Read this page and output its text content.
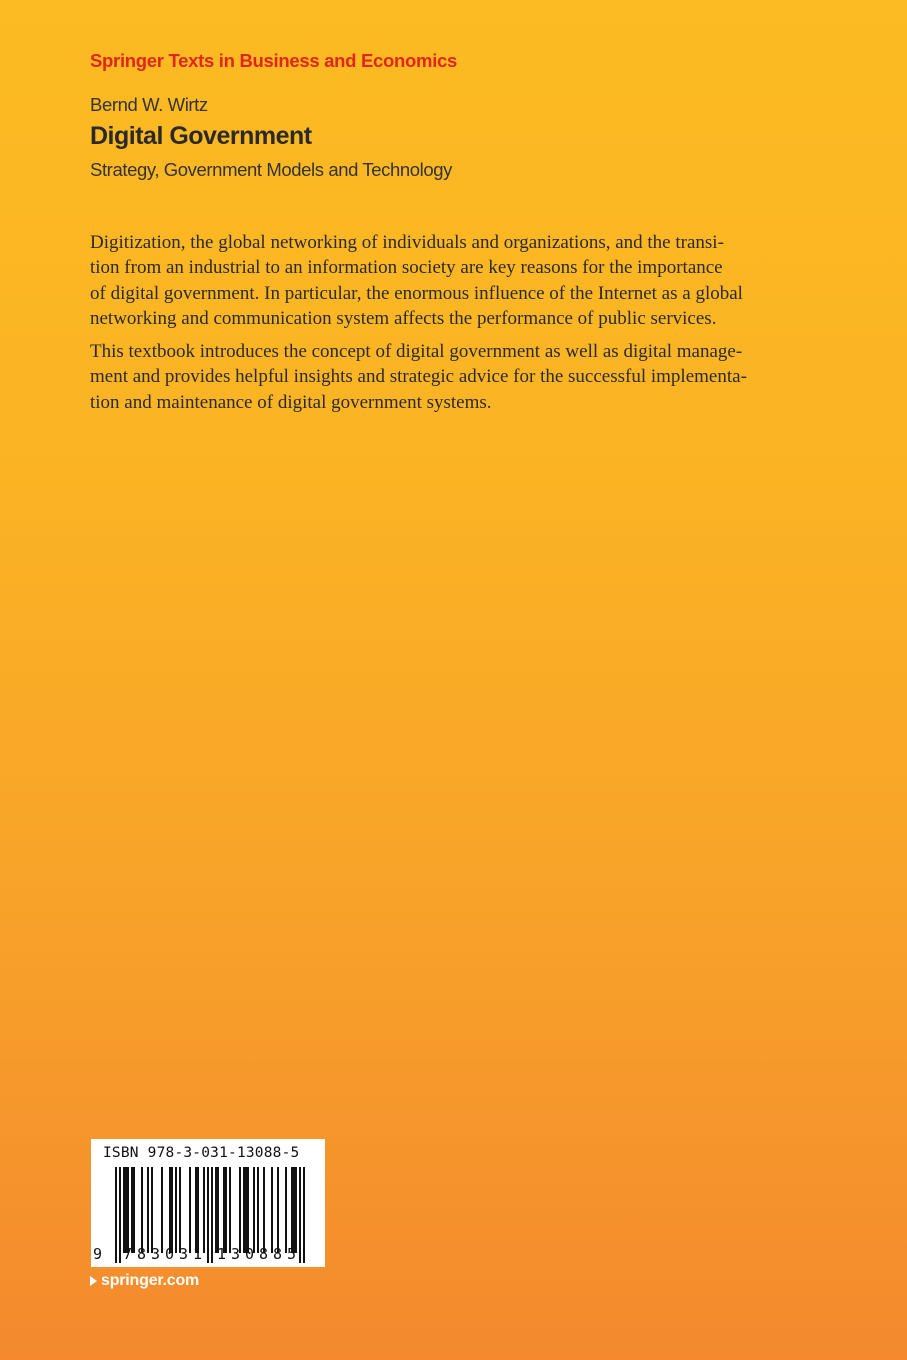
Springer Texts in Business and Economics
Bernd W. Wirtz
Digital Government
Strategy, Government Models and Technology
Digitization, the global networking of individuals and organizations, and the transi-
tion from an industrial to an information society are key reasons for the importance
of digital government. In particular, the enormous influence of the Internet as a global
networking and communication system affects the performance of public services.
This textbook introduces the concept of digital government as well as digital manage-
ment and provides helpful insights and strategic advice for the successful implementa-
tion and maintenance of digital government systems.
ISBN 978-3-031-13088-5
9 7 8 3 0 3 1 1 3 0 8 8 5
springer.com
